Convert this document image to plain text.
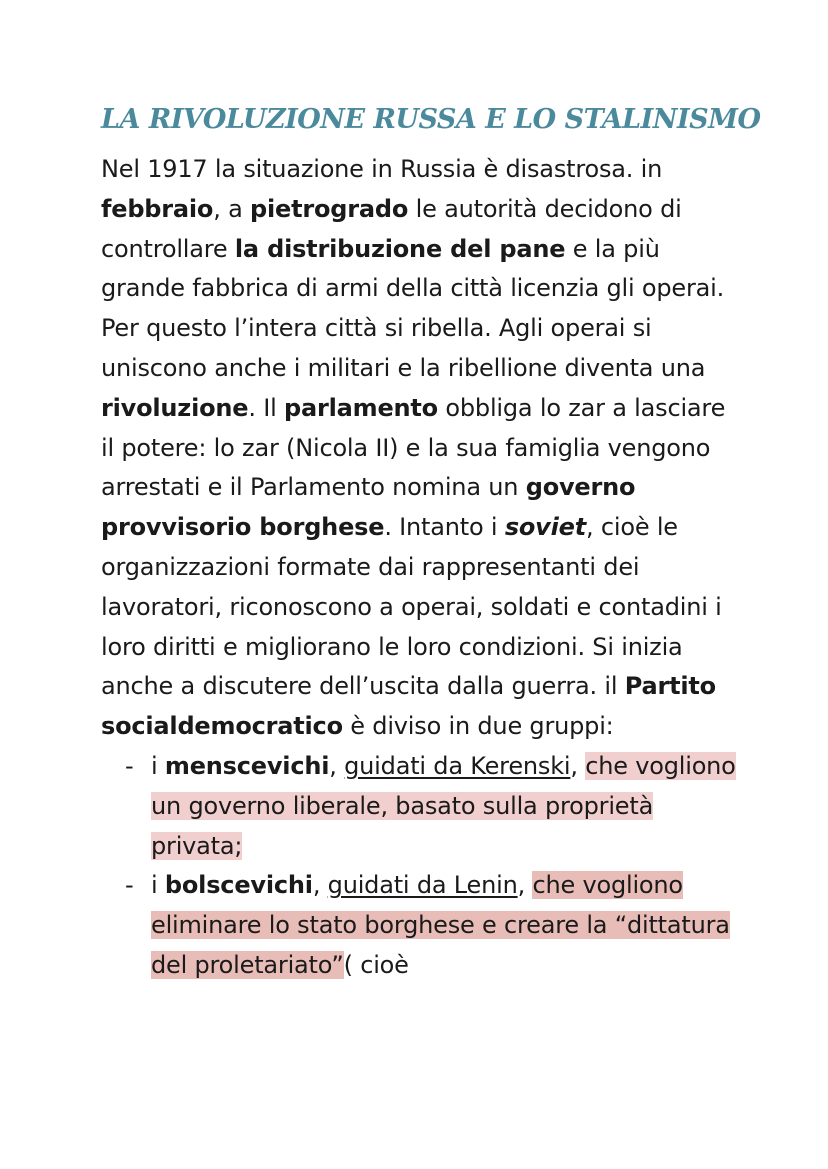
LA RIVOLUZIONE RUSSA E LO STALINISMO

Nel 1917 la situazione in Russia è disastrosa. in febbraio, a pietrogrado le autorità decidono di controllare la distribuzione del pane e la più grande fabbrica di armi della città licenzia gli operai. Per questo l’intera città si ribella. Agli operai si uniscono anche i militari e la ribellione diventa una rivoluzione. Il parlamento obbliga lo zar a lasciare il potere: lo zar (Nicola II) e la sua famiglia vengono arrestati e il Parlamento nomina un governo provvisorio borghese. Intanto i soviet, cioè le organizzazioni formate dai rappresentanti dei lavoratori, riconoscono a operai, soldati e contadini i loro diritti e migliorano le loro condizioni. Si inizia anche a discutere dell’uscita dalla guerra. il Partito socialdemocratico è diviso in due gruppi:

- i menscevichi, guidati da Kerenski, che vogliono un governo liberale, basato sulla proprietà privata;
- i bolscevichi, guidati da Lenin, che vogliono eliminare lo stato borghese e creare la “dittatura del proletariato”( cioè
